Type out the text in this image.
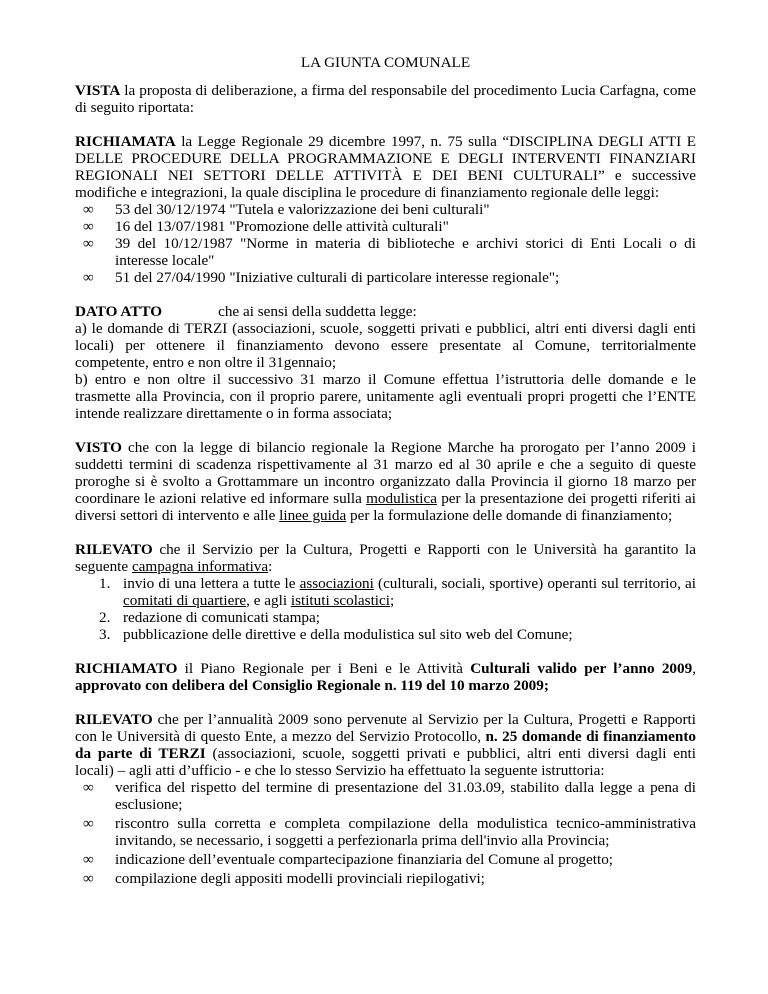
LA GIUNTA COMUNALE

VISTA la proposta di deliberazione, a firma del responsabile del procedimento Lucia Carfagna, come di seguito riportata:

RICHIAMATA la Legge Regionale 29 dicembre 1997, n. 75 sulla “DISCIPLINA DEGLI ATTI E DELLE PROCEDURE DELLA PROGRAMMAZIONE E DEGLI INTERVENTI FINANZIARI REGIONALI NEI SETTORI DELLE ATTIVITÀ E DEI BENI CULTURALI” e successive modifiche e integrazioni, la quale disciplina le procedure di finanziamento regionale delle leggi:

∞	53 del 30/12/1974 "Tutela e valorizzazione dei beni culturali"
∞	16 del 13/07/1981 "Promozione delle attività culturali"
∞	39 del 10/12/1987 "Norme in materia di biblioteche e archivi storici di Enti Locali o di interesse locale"
∞	51 del 27/04/1990 "Iniziative culturali di particolare interesse regionale";

DATO ATTO	che ai sensi della suddetta legge:

a) le domande di TERZI (associazioni, scuole, soggetti privati e pubblici, altri enti diversi dagli enti locali) per ottenere il finanziamento devono essere presentate al Comune, territorialmente competente, entro e non oltre il 31gennaio;

b) entro e non oltre il successivo 31 marzo il Comune effettua l’istruttoria delle domande e le trasmette alla Provincia, con il proprio parere, unitamente agli eventuali propri progetti che l’ENTE intende realizzare direttamente o in forma associata;

VISTO che con la legge di bilancio regionale la Regione Marche ha prorogato per l’anno 2009 i suddetti termini di scadenza rispettivamente al 31 marzo ed al 30 aprile e che a seguito di queste proroghe si è svolto a Grottammare un incontro organizzato dalla Provincia il giorno 18 marzo per coordinare le azioni relative ed informare sulla modulistica per la presentazione dei progetti riferiti ai diversi settori di intervento e alle linee guida per la formulazione delle domande di finanziamento;

RILEVATO che il Servizio per la Cultura, Progetti e Rapporti con le Università ha garantito la seguente campagna informativa:

1. invio di una lettera a tutte le associazioni (culturali, sociali, sportive) operanti sul territorio, ai comitati di quartiere, e agli istituti scolastici;
2. redazione di comunicati stampa;
3. pubblicazione delle direttive e della modulistica sul sito web del Comune;

RICHIAMATO il Piano Regionale per i Beni e le Attività Culturali valido per l’anno 2009, approvato con delibera del Consiglio Regionale n. 119 del 10 marzo 2009;

RILEVATO che per l’annualità 2009 sono pervenute al Servizio per la Cultura, Progetti e Rapporti con le Università di questo Ente, a mezzo del Servizio Protocollo, n. 25 domande di finanziamento da parte di TERZI (associazioni, scuole, soggetti privati e pubblici, altri enti diversi dagli enti locali) – agli atti d’ufficio - e che lo stesso Servizio ha effettuato la seguente istruttoria:

∞	verifica del rispetto del termine di presentazione del 31.03.09, stabilito dalla legge a pena di esclusione;
∞	riscontro sulla corretta e completa compilazione della modulistica tecnico-amministrativa invitando, se necessario, i soggetti a perfezionarla prima dell'invio alla Provincia;
∞	indicazione dell’eventuale compartecipazione finanziaria del Comune al progetto;
∞	compilazione degli appositi modelli provinciali riepilogativi;
